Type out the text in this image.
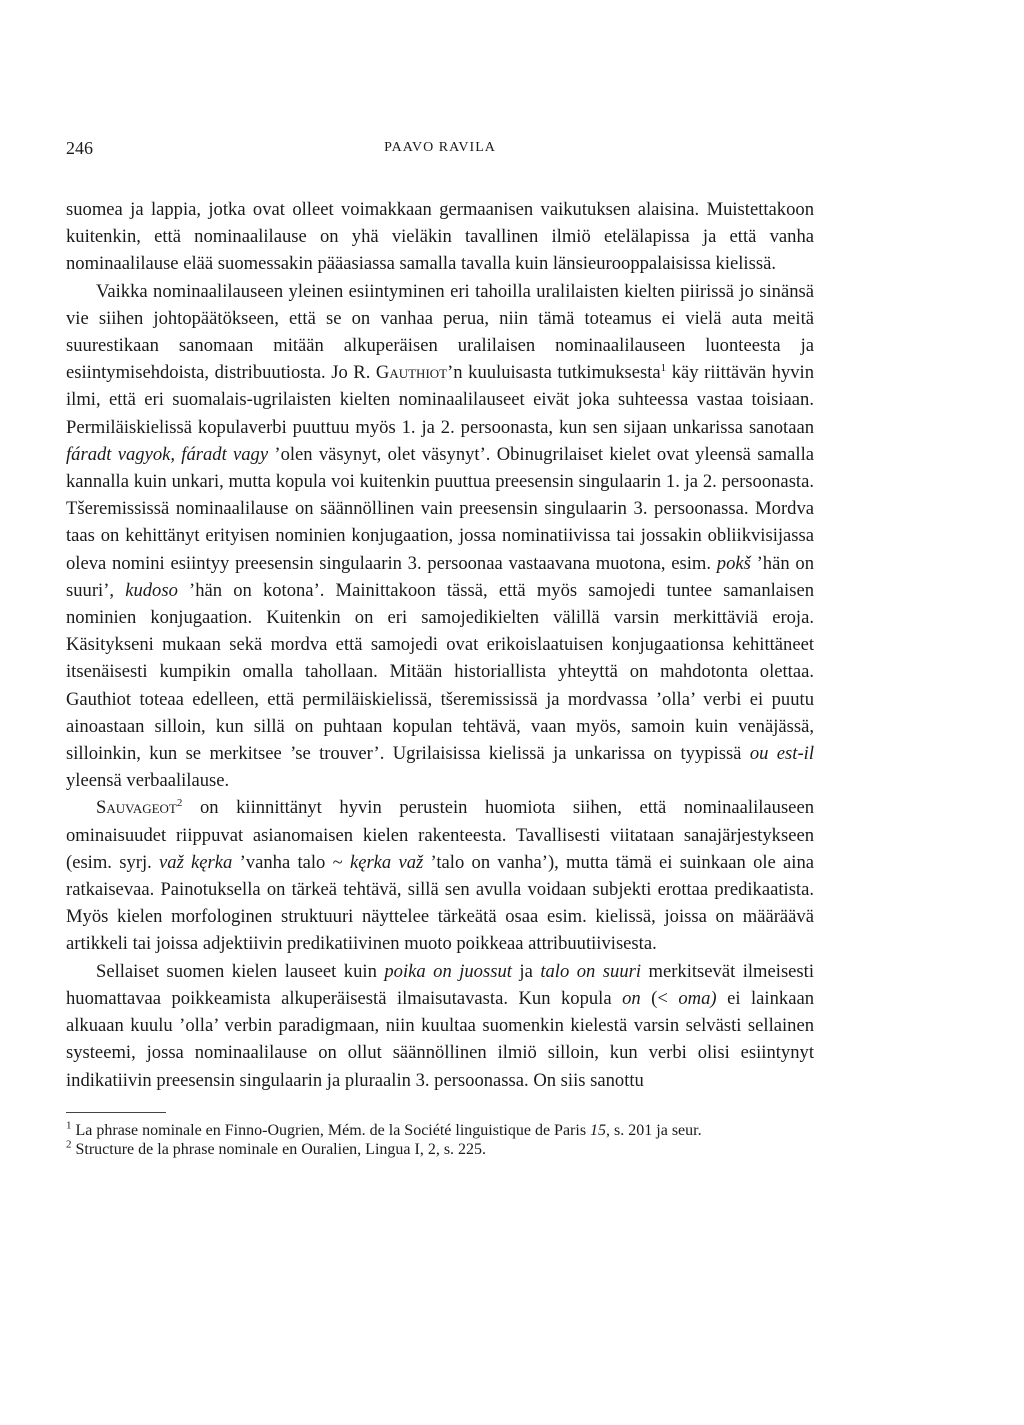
246	PAAVO RAVILA

suomea ja lappia, jotka ovat olleet voimakkaan germaanisen vaikutuksen alaisina. Muistettakoon kuitenkin, että nominaalilause on yhä vieläkin tavallinen ilmiö etelälapissa ja että vanha nominaalilause elää suomessakin pääasiassa samalla tavalla kuin länsieurooppalaisissa kielissä.

Vaikka nominaalilauseen yleinen esiintyminen eri tahoilla uralilaisten kielten piirissä jo sinänsä vie siihen johtopäätökseen, että se on vanhaa perua, niin tämä toteamus ei vielä auta meitä suurestikaan sanomaan mitään alkuperäisen uralilaisen nominaalilauseen luonteesta ja esiintymisehdoista, distribuutiosta. Jo R. Gauthiot’n kuuluisasta tutkimuksesta$^1$ käy riittävän hyvin ilmi, että eri suomalais-ugrilaisten kielten nominaalilauseet eivät joka suhteessa vastaa toisiaan. Permiläiskielissä kopulaverbi puuttuu myös 1. ja 2. persoonasta, kun sen sijaan unkarissa sanotaan fáradt vagyok, fáradt vagy ’olen väsynyt, olet väsynyt’. Obinugrilaiset kielet ovat yleensä samalla kannalla kuin unkari, mutta kopula voi kuitenkin puuttua preesensin singulaarin 1. ja 2. persoonasta. Tšeremississä nominaalilause on säännöllinen vain preesensin singulaarin 3. persoonassa. Mordva taas on kehittänyt erityisen nominien konjugaation, jossa nominatiivissa tai jossakin obliikvisijassa oleva nomini esiintyy preesensin singulaarin 3. persoonaa vastaavana muotona, esim. pokš ’hän on suuri’, kudoso ’hän on kotona’. Mainittakoon tässä, että myös samojedi tuntee samanlaisen nominien konjugaation. Kuitenkin on eri samojedikielten välillä varsin merkittäviä eroja. Käsitykseni mukaan sekä mordva että samojedi ovat erikoislaatuisen konjugaationsa kehittäneet itsenäisesti kumpikin omalla tahollaan. Mitään historiallista yhteyttä on mahdotonta olettaa. Gauthiot toteaa edelleen, että permiläiskielissä, tšeremississä ja mordvassa ’olla’ verbi ei puutu ainoastaan silloin, kun sillä on puhtaan kopulan tehtävä, vaan myös, samoin kuin venäjässä, silloinkin, kun se merkitsee ’se trouver’. Ugrilaisissa kielissä ja unkarissa on tyypissä ou est-il yleensä verbaalilause.

Sauvageot$^2$ on kiinnittänyt hyvin perustein huomiota siihen, että nominaalilauseen ominaisuudet riippuvat asianomaisen kielen rakenteesta. Tavallisesti viitataan sanajärjestykseen (esim. syrj. važ kęrka ’vanha talo ~ kęrka važ ’talo on vanha’), mutta tämä ei suinkaan ole aina ratkaisevaa. Painotuksella on tärkeä tehtävä, sillä sen avulla voidaan subjekti erottaa predikaatista. Myös kielen morfologinen struktuuri näyttelee tärkeätä osaa esim. kielissä, joissa on määräävä artikkeli tai joissa adjektiivin predikatiivinen muoto poikkeaa attribuutiivisesta.

Sellaiset suomen kielen lauseet kuin poika on juossut ja talo on suuri merkitsevät ilmeisesti huomattavaa poikkeamista alkuperäisestä ilmaisutavasta. Kun kopula on (< oma) ei lainkaan alkuaan kuulu ’olla’ verbin paradigmaan, niin kuultaa suomenkin kielestä varsin selvästi sellainen systeemi, jossa nominaalilause on ollut säännöllinen ilmiö silloin, kun verbi olisi esiintynyt indikatiivin preesensin singulaarin ja pluraalin 3. persoonassa. On siis sanottu

$^1$ La phrase nominale en Finno-Ougrien, Mém. de la Société linguistique de Paris 15, s. 201 ja seur.

$^2$ Structure de la phrase nominale en Ouralien, Lingua I, 2, s. 225.
